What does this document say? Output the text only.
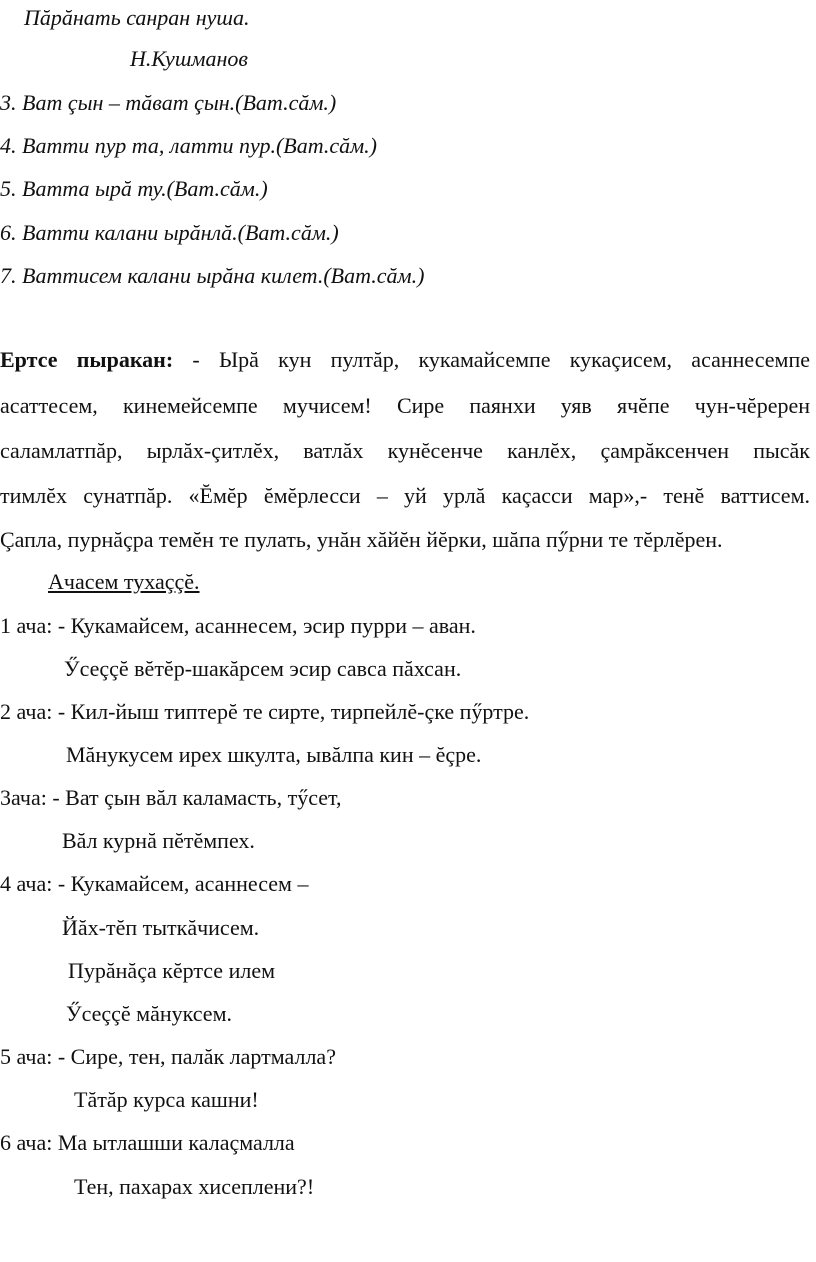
Пăрăнать санран нуша.
Н.Кушманов
3. Ват çын – тăват çын.(Ват.сăм.)
4. Ватти пур та, латти пур.(Ват.сăм.)
5. Ватта ырă ту.(Ват.сăм.)
6. Ватти калани ырăнлă.(Ват.сăм.)
7. Ваттисем калани ырăна килет.(Ват.сăм.)
Ертсе пыракан: - Ырă кун пултăр, кукамайсемпе кукаçисем, асаннесемпе
асаттесем, кинемейсемпе мучисем! Сире паянхи уяв ячĕпе чун-чĕререн
саламлатпăр, ырлăх-çитлĕх, ватлăх кунĕсенче канлĕх, çамрăксенчен пысăк
тимлĕх сунатпăр. «Ĕмĕр ĕмĕрлесси – уй урлă каçасси мар»,- тенĕ ваттисем.
Çапла, пурнăçра темĕн те пулать, унăн хăйĕн йĕрки, шăпа пӳрни те тĕрлĕрен.
Ачасем тухаççĕ.
1 ача: - Кукамайсем, асаннесем, эсир пурри – аван.
Ӳсеççĕ вĕтĕр-шакăрсем эсир савса пăхсан.
2 ача: - Кил-йыш типтерĕ те сиртe, тирпейлĕ-çке пӳртре.
Мăнукусем ирех шкулта, ывăлпа кин – ĕçре.
3ача: - Ват çын вăл каламасть, тӳсет,
Вăл курнă пĕтĕмпех.
4 ача: - Кукамайсем, асаннесем –
Йăх-тĕп тыткăчисем.
Пурăнăça кĕртсе илем
Ӳсеççĕ мăнуксем.
5 ача: - Сире, тен, палăк лартмалла?
Тăтăр курса кашни!
6 ача: Ма ытлашши калаçмалла
Тен, пахарах хисеплени?!
